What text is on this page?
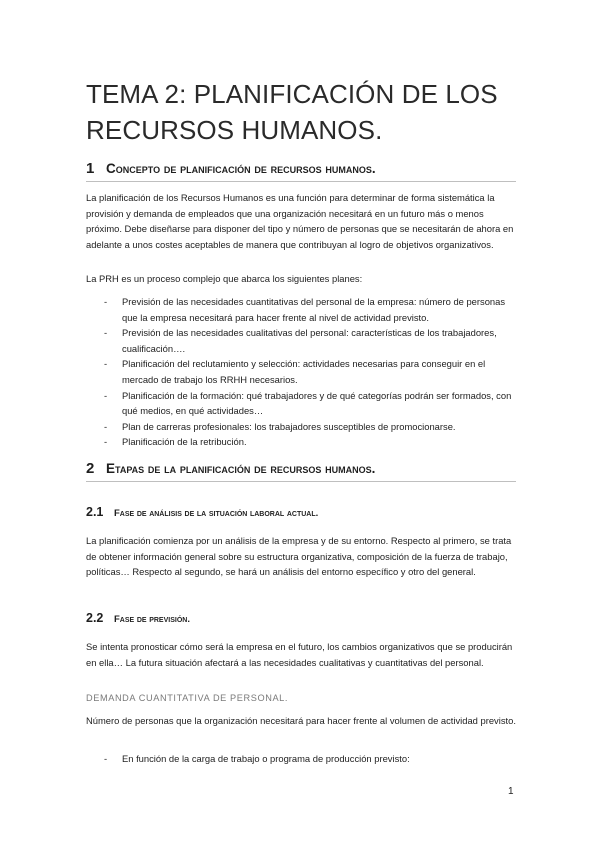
TEMA 2: PLANIFICACIÓN DE LOS RECURSOS HUMANOS.
1 Concepto de planificación de recursos humanos.
La planificación de los Recursos Humanos es una función para determinar de forma sistemática la provisión y demanda de empleados que una organización necesitará en un futuro más o menos próximo. Debe diseñarse para disponer del tipo y número de personas que se necesitarán de ahora en adelante a unos costes aceptables de manera que contribuyan al logro de objetivos organizativos.
La PRH es un proceso complejo que abarca los siguientes planes:
- Previsión de las necesidades cuantitativas del personal de la empresa: número de personas que la empresa necesitará para hacer frente al nivel de actividad previsto.
- Previsión de las necesidades cualitativas del personal: características de los trabajadores, cualificación….
- Planificación del reclutamiento y selección: actividades necesarias para conseguir en el mercado de trabajo los RRHH necesarios.
- Planificación de la formación: qué trabajadores y de qué categorías podrán ser formados, con qué medios, en qué actividades…
- Plan de carreras profesionales: los trabajadores susceptibles de promocionarse.
- Planificación de la retribución.
2 Etapas de la planificación de recursos humanos.
2.1 Fase de análisis de la situación laboral actual.
La planificación comienza por un análisis de la empresa y de su entorno. Respecto al primero, se trata de obtener información general sobre su estructura organizativa, composición de la fuerza de trabajo, políticas… Respecto al segundo, se hará un análisis del entorno específico y otro del general.
2.2 Fase de previsión.
Se intenta pronosticar cómo será la empresa en el futuro, los cambios organizativos que se producirán en ella… La futura situación afectará a las necesidades cualitativas y cuantitativas del personal.
DEMANDA CUANTITATIVA DE PERSONAL.
Número de personas que la organización necesitará para hacer frente al volumen de actividad previsto.
- En función de la carga de trabajo o programa de producción previsto:
1
